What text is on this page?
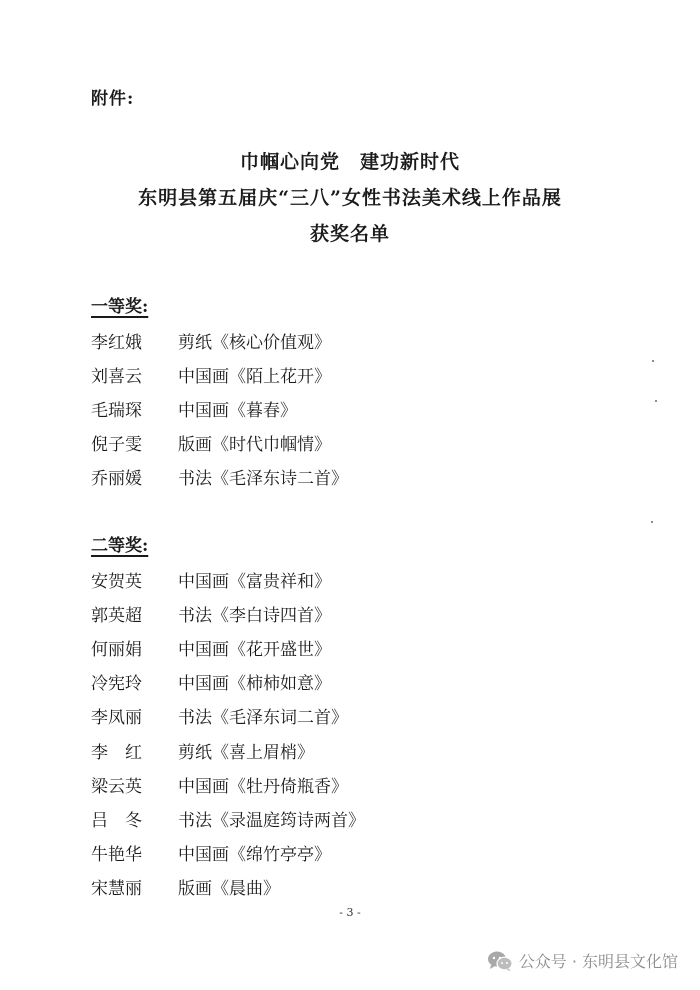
附件:
巾帼心向党 建功新时代
东明县第五届庆“三八”女性书法美术线上作品展
获奖名单
一等奖:
李红娥	剪纸《核心价值观》
刘喜云	中国画《陌上花开》
毛瑞琛	中国画《暮春》
倪子雯	版画《时代巾帼情》
乔丽媛	书法《毛泽东诗二首》
二等奖:
安贺英	中国画《富贵祥和》
郭英超	书法《李白诗四首》
何丽娟	中国画《花开盛世》
冷宪玲	中国画《柿柿如意》
李凤丽	书法《毛泽东词二首》
李　红	剪纸《喜上眉梢》
梁云英	中国画《牡丹倚瓶香》
吕　冬	书法《录温庭筠诗两首》
牛艳华	中国画《绵竹亭亭》
宋慧丽	版画《晨曲》
- 3 -
公众号 · 东明县文化馆
